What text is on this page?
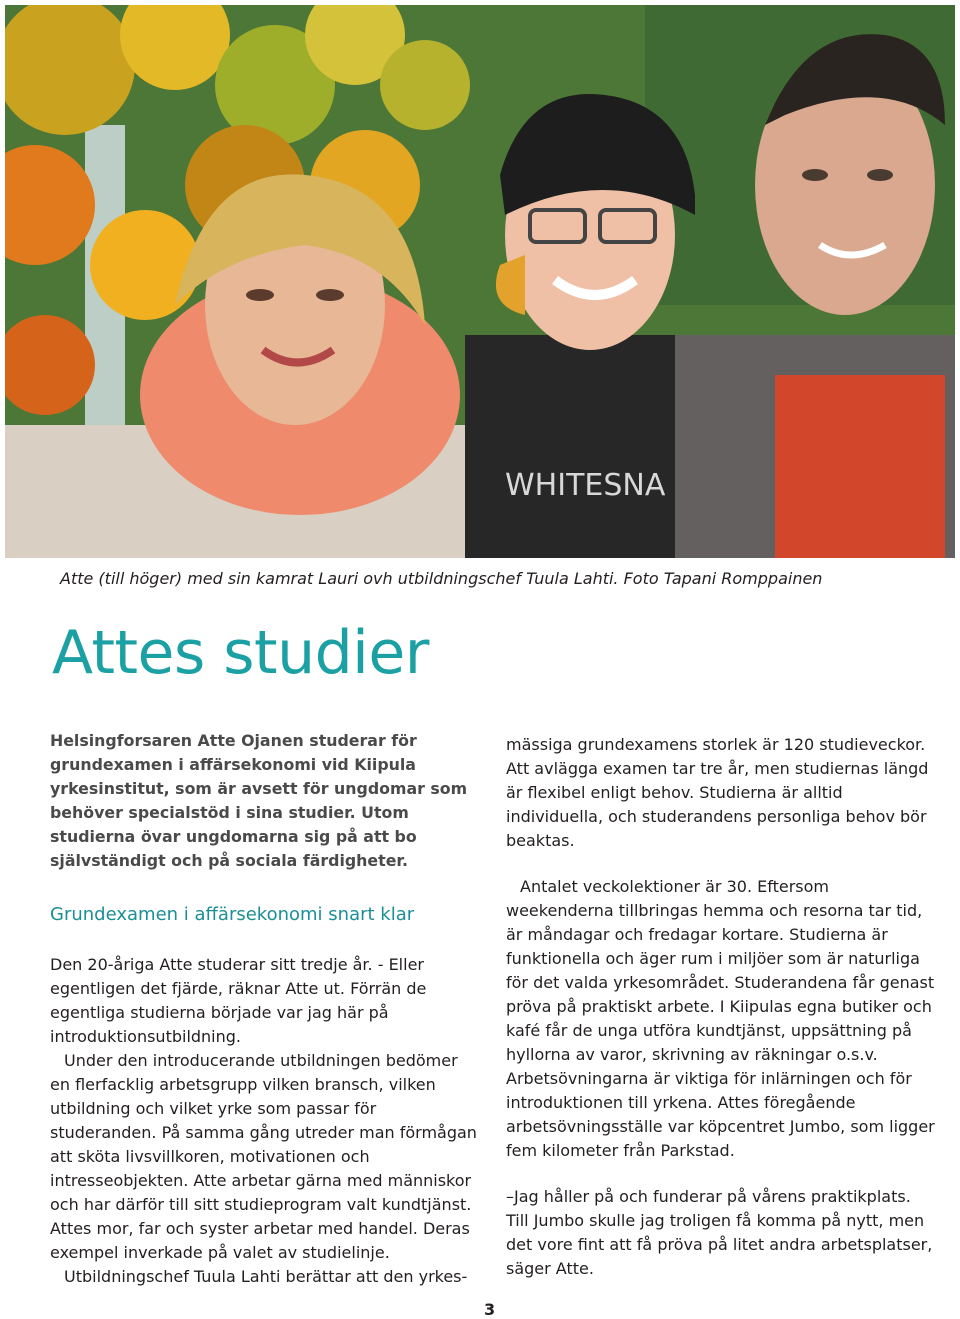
WHITESNA
Atte (till höger) med sin kamrat Lauri ovh utbildningschef Tuula Lahti. Foto Tapani Romppainen
Attes studier

Helsingforsaren Atte Ojanen studerar för grundexamen i affärsekonomi vid Kiipula yrkesinstitut, som är avsett för ungdomar som behöver specialstöd i sina studier. Utom studierna övar ungdomarna sig på att bo självständigt och på sociala färdigheter.

Grundexamen i affärsekonomi snart klar

Den 20-åriga Atte studerar sitt tredje år. - Eller egentligen det fjärde, räknar Atte ut. Förrän de egentliga studierna började var jag här på introduktionsutbildning.

Under den introducerande utbildningen bedömer en flerfacklig arbetsgrupp vilken bransch, vilken utbildning och vilket yrke som passar för studeranden. På samma gång utreder man förmågan att sköta livsvillkoren, motivationen och intresseobjekten. Atte arbetar gärna med människor och har därför till sitt studieprogram valt kundtjänst. Attes mor, far och syster arbetar med handel. Deras exempel inverkade på valet av studielinje.

Utbildningschef Tuula Lahti berättar att den yrkes-

mässiga grundexamens storlek är 120 studieveckor. Att avlägga examen tar tre år, men studiernas längd är flexibel enligt behov. Studierna är alltid individuella, och studerandens personliga behov bör beaktas.

Antalet veckolektioner är 30. Eftersom weekenderna tillbringas hemma och resorna tar tid, är måndagar och fredagar kortare. Studierna är funktionella och äger rum i miljöer som är naturliga för det valda yrkesområdet. Studerandena får genast pröva på praktiskt arbete. I Kiipulas egna butiker och kafé får de unga utföra kundtjänst, uppsättning på hyllorna av varor, skrivning av räkningar o.s.v. Arbetsövningarna är viktiga för inlärningen och för introduktionen till yrkena. Attes föregående arbetsövningsställe var köpcentret Jumbo, som ligger fem kilometer från Parkstad.

–Jag håller på och funderar på vårens praktikplats. Till Jumbo skulle jag troligen få komma på nytt, men det vore fint att få pröva på litet andra arbetsplatser, säger Atte.

3
